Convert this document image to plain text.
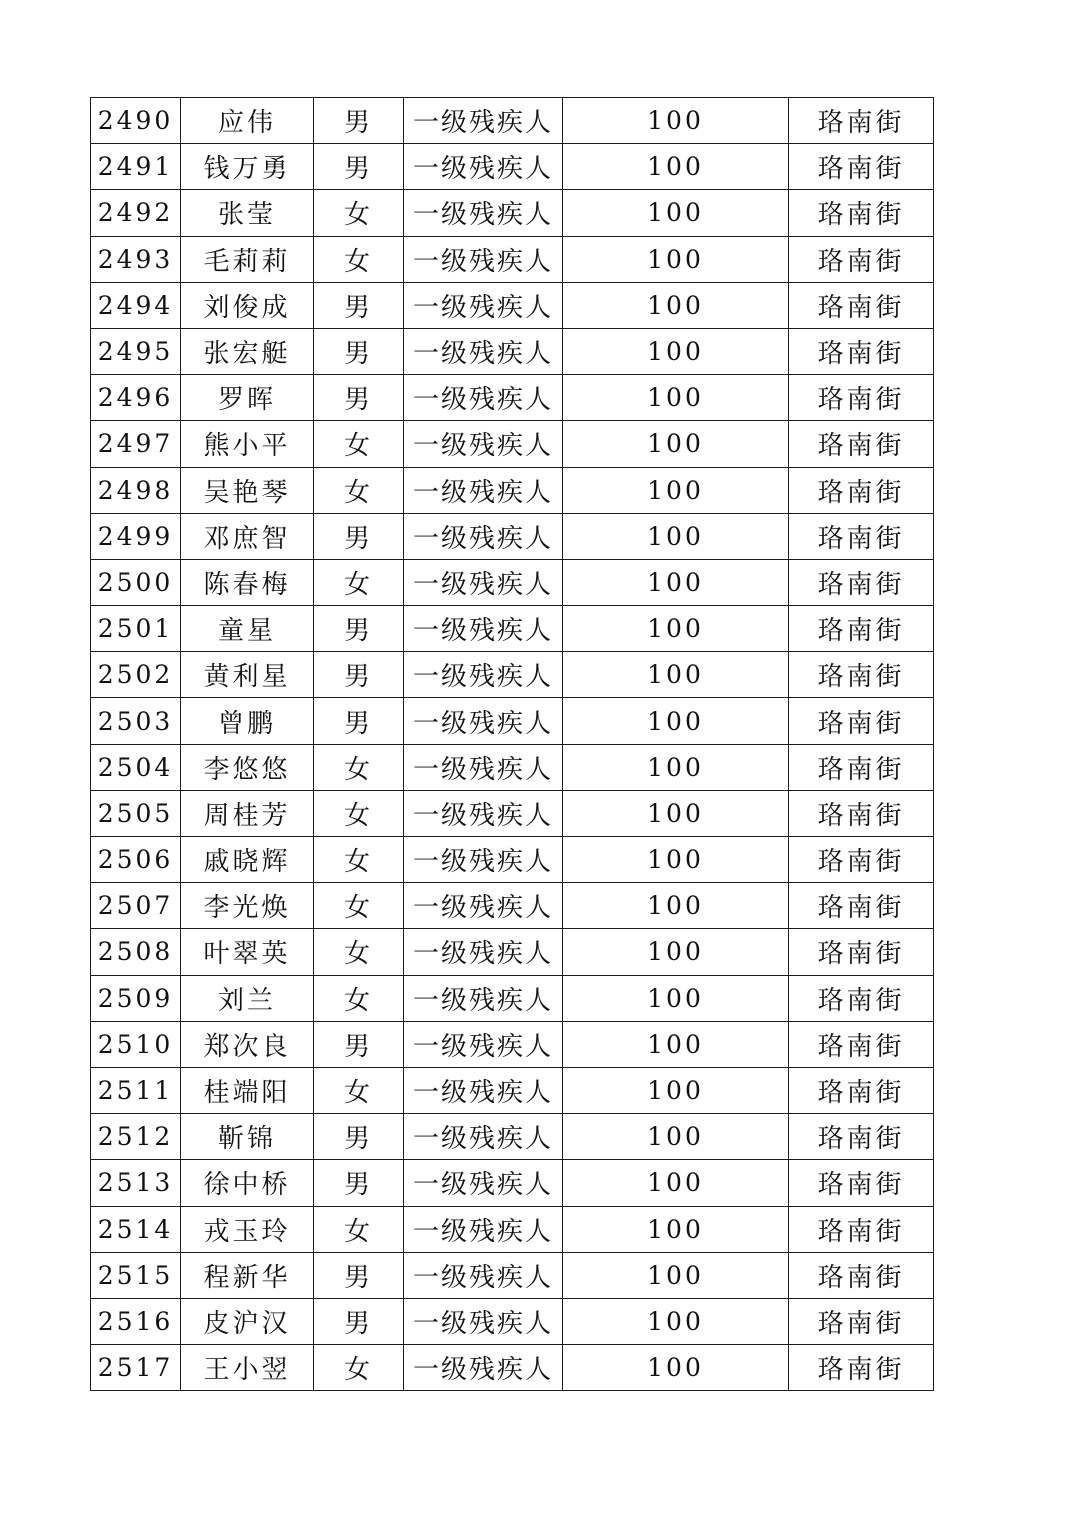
2490	应伟	男	一级残疾人	100	珞南街
2491	钱万勇	男	一级残疾人	100	珞南街
2492	张莹	女	一级残疾人	100	珞南街
2493	毛莉莉	女	一级残疾人	100	珞南街
2494	刘俊成	男	一级残疾人	100	珞南街
2495	张宏艇	男	一级残疾人	100	珞南街
2496	罗晖	男	一级残疾人	100	珞南街
2497	熊小平	女	一级残疾人	100	珞南街
2498	吴艳琴	女	一级残疾人	100	珞南街
2499	邓庶智	男	一级残疾人	100	珞南街
2500	陈春梅	女	一级残疾人	100	珞南街
2501	童星	男	一级残疾人	100	珞南街
2502	黄利星	男	一级残疾人	100	珞南街
2503	曾鹏	男	一级残疾人	100	珞南街
2504	李悠悠	女	一级残疾人	100	珞南街
2505	周桂芳	女	一级残疾人	100	珞南街
2506	戚晓辉	女	一级残疾人	100	珞南街
2507	李光焕	女	一级残疾人	100	珞南街
2508	叶翠英	女	一级残疾人	100	珞南街
2509	刘兰	女	一级残疾人	100	珞南街
2510	郑次良	男	一级残疾人	100	珞南街
2511	桂端阳	女	一级残疾人	100	珞南街
2512	靳锦	男	一级残疾人	100	珞南街
2513	徐中桥	男	一级残疾人	100	珞南街
2514	戎玉玲	女	一级残疾人	100	珞南街
2515	程新华	男	一级残疾人	100	珞南街
2516	皮沪汉	男	一级残疾人	100	珞南街
2517	王小翌	女	一级残疾人	100	珞南街
